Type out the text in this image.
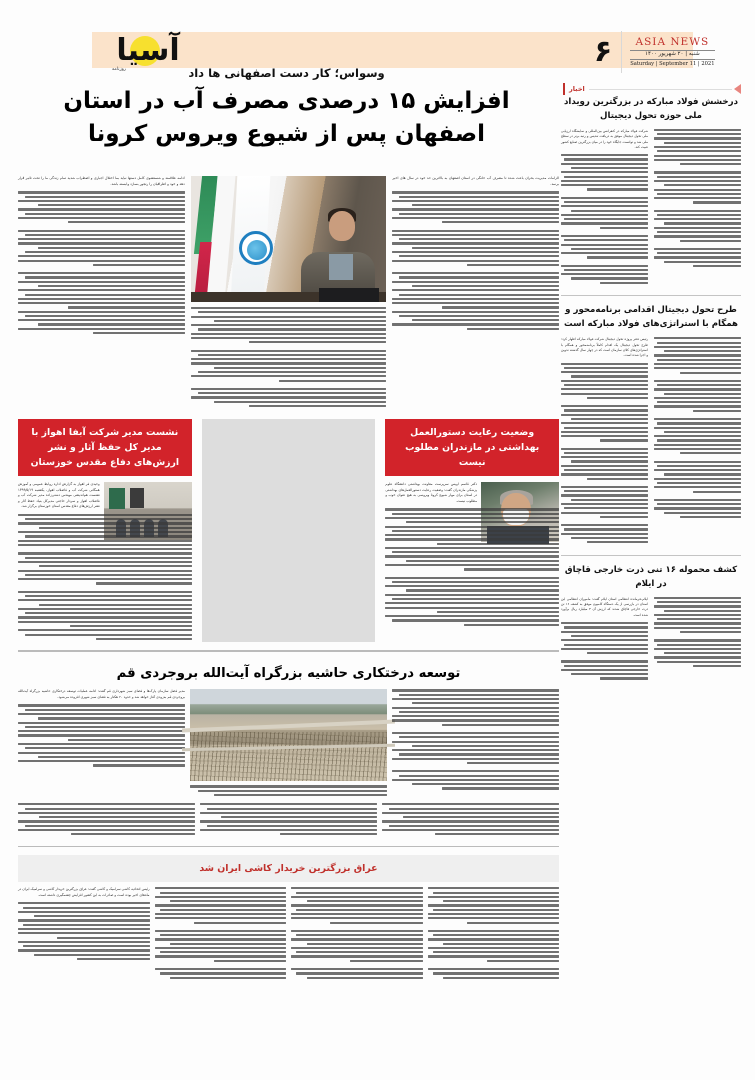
آسیا
روزنامه
۶ ASIA NEWS
شنبه | ۲۰ شهریور ۱۴۰۰
Saturday | September 11 | 2021
اخبار
وسواس؛ کار دست اصفهانی ها داد
افزایش ۱۵ درصدی مصرف آب در استان اصفهان پس از شیوع ویروس کرونا
ادامه علاقمند و شستشوی کامل دستها نباید بما اختلال اجباری و اضطراب شدید تمام زندگی ما را تحت تاثیر قرار دهد و خود و اطرافیان را رنجور بسازد وابسته باشد.
الزامات مدیریت بحران باعث شده تا مصرف آب خانگی در استان اصفهان به بالاترین حد خود در سال های اخیر برسد.
نشست مدیر شرکت آبفا اهواز با مدیر کل حفظ آثار و نشر ارزش‌های دفاع مقدس خوزستان
وحیدی فر اهواز به گزارش اداره روابط عمومی و آموزش همگانی شرکت آب و فاضلاب اهواز، یکشنبه ۱۳۹۹/۵/۱۹ نشست هم‌اندیشی مهندس دشتی‌زاده مدیر شرکت آب و فاضلاب اهواز و سردار حاجتی مدیرکل بنیاد حفظ آثار و نشر ارزش‌های دفاع مقدس استان خوزستان برگزار شد.
وضعیت رعایت دستورالعمل بهداشتی در مازندران مطلوب نیست
دکتر قاسم اویس سرپرست معاونت بهداشتی دانشگاه علوم پزشکی مازندران گفت: وضعیت رعایت دستورالعمل‌های بهداشتی در استان برای مهار شیوع کرونا ویروسی به هیچ عنوان خوب و مطلوب نیست.
توسعه درختکاری حاشیه بزرگراه آیت‌الله بروجردی قم
مدیر فضل سازمان پارک‌ها و فضای سبز شهرداری قم گفت: ادامه عملیات توسعه درختکاری حاشیه بزرگراه آیت‌الله بروجردی قم به‌زودی آغاز خواهد شد و حدود ۲۰ هکتار به فضای سبز شهری افزوده می‌شود.
عراق بزرگترین خریدار کاشی ایران شد
رئیس اتحادیه کاشی سرامیک و کاشی گفت: عراق بزرگترین خریدار کاشی و سرامیک ایران در ماه‌های اخیر بوده است و صادرات به این کشور افزایش چشمگیری داشته است.
درخشش فولاد مبارکه در بزرگترین رویداد ملی حوزه تحول دیجیتال
شرکت فولاد مبارکه در کنفرانس بین‌المللی و نمایشگاه ارزیابی ملی تحول دیجیتال موفق به دریافت تندیس و رتبه برتر در سطح ملی شد و توانست جایگاه خود را در میان بزرگترین صنایع کشور تثبیت کند.
طرح تحول دیجیتال اقدامی برنامه‌محور و همگام با استراتژی‌های فولاد مبارکه است
رئیس دفتر پروژه تحول دیجیتال شرکت فولاد مبارکه اظهار کرد: طرح تحول دیجیتال یک اقدام کاملاً برنامه‌محور و همگام با استراتژی‌های کلان سازمان است که در چهار سال گذشته تدوین و اجرا شده است.
کشف محموله ۱۶ تنی ذرت خارجی قاچاق در ایلام
ایلام-فرمانده انتظامی استان ایلام گفت: ماموران انتظامی این استان در بازرسی از یک دستگاه کامیون موفق به کشف ۱۶ تن ذرت خارجی قاچاق شدند که ارزش آن ۳ میلیارد ریال برآورد شده است.
